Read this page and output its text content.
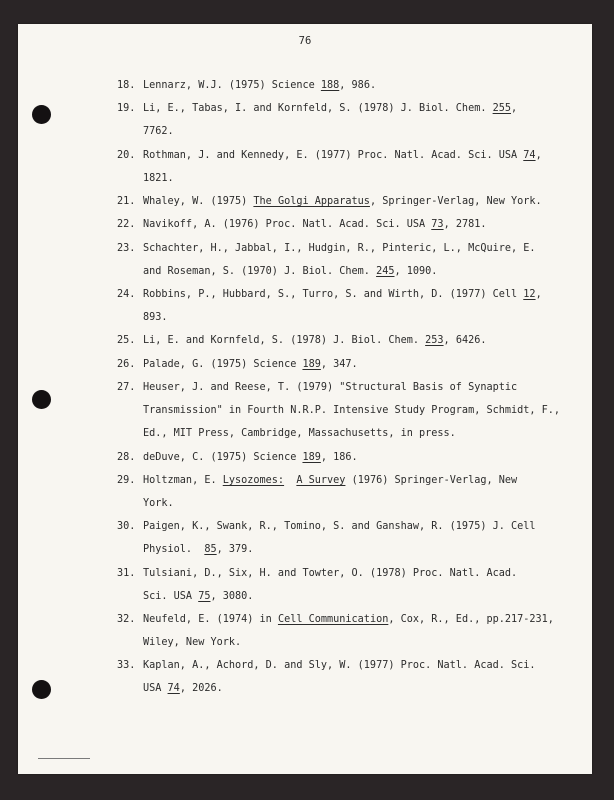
76
18. Lennarz, W.J. (1975) Science 188, 986.
19. Li, E., Tabas, I. and Kornfeld, S. (1978) J. Biol. Chem. 255,
7762.
20. Rothman, J. and Kennedy, E. (1977) Proc. Natl. Acad. Sci. USA 74,
1821.
21. Whaley, W. (1975) The Golgi Apparatus, Springer-Verlag, New York.
22. Navikoff, A. (1976) Proc. Natl. Acad. Sci. USA 73, 2781.
23. Schachter, H., Jabbal, I., Hudgin, R., Pinteric, L., McQuire, E.
and Roseman, S. (1970) J. Biol. Chem. 245, 1090.
24. Robbins, P., Hubbard, S., Turro, S. and Wirth, D. (1977) Cell 12,
893.
25. Li, E. and Kornfeld, S. (1978) J. Biol. Chem. 253, 6426.
26. Palade, G. (1975) Science 189, 347.
27. Heuser, J. and Reese, T. (1979) "Structural Basis of Synaptic
Transmission" in Fourth N.R.P. Intensive Study Program, Schmidt, F.,
Ed., MIT Press, Cambridge, Massachusetts, in press.
28. deDuve, C. (1975) Science 189, 186.
29. Holtzman, E. Lysozomes: A Survey (1976) Springer-Verlag, New
York.
30. Paigen, K., Swank, R., Tomino, S. and Ganshaw, R. (1975) J. Cell
Physiol.  85, 379.
31. Tulsiani, D., Six, H. and Towter, O. (1978) Proc. Natl. Acad.
Sci. USA 75, 3080.
32. Neufeld, E. (1974) in Cell Communication, Cox, R., Ed., pp.217-231,
Wiley, New York.
33. Kaplan, A., Achord, D. and Sly, W. (1977) Proc. Natl. Acad. Sci.
USA 74, 2026.
